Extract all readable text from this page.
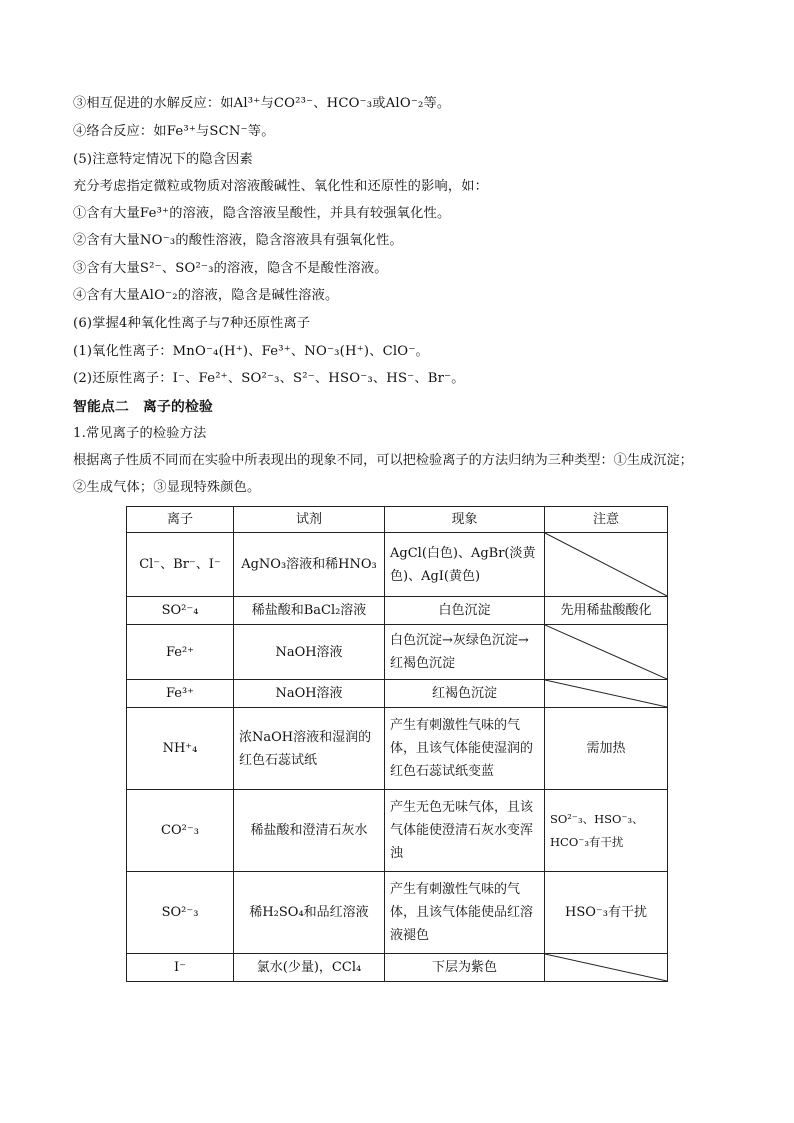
③相互促进的水解反应：如Al³⁺与CO²³⁻、HCO⁻₃或AlO⁻₂等。
④络合反应：如Fe³⁺与SCN⁻等。
(5)注意特定情况下的隐含因素
充分考虑指定微粒或物质对溶液酸碱性、氧化性和还原性的影响，如：
①含有大量Fe³⁺的溶液，隐含溶液呈酸性，并具有较强氧化性。
②含有大量NO⁻₃的酸性溶液，隐含溶液具有强氧化性。
③含有大量S²⁻、SO²⁻₃的溶液，隐含不是酸性溶液。
④含有大量AlO⁻₂的溶液，隐含是碱性溶液。
(6)掌握4种氧化性离子与7种还原性离子
(1)氧化性离子：MnO⁻₄(H⁺)、Fe³⁺、NO⁻₃(H⁺)、ClO⁻。
(2)还原性离子：I⁻、Fe²⁺、SO²⁻₃、S²⁻、HSO⁻₃、HS⁻、Br⁻。
智能点二　离子的检验
1.常见离子的检验方法
根据离子性质不同而在实验中所表现出的现象不同，可以把检验离子的方法归纳为三种类型：①生成沉淀；
②生成气体；③显现特殊颜色。
离子	试剂	现象	注意
Cl⁻、Br⁻、I⁻	AgNO₃溶液和稀HNO₃	AgCl(白色)、AgBr(淡黄色)、AgI(黄色)	

SO²⁻₄	稀盐酸和BaCl₂溶液	白色沉淀	先用稀盐酸酸化
Fe²⁺	NaOH溶液	白色沉淀→灰绿色沉淀→红褐色沉淀	

Fe³⁺	NaOH溶液	红褐色沉淀	

NH⁺₄	浓NaOH溶液和湿润的红色石蕊试纸	产生有刺激性气味的气体，且该气体能使湿润的红色石蕊试纸变蓝	需加热
CO²⁻₃	稀盐酸和澄清石灰水	产生无色无味气体，且该气体能使澄清石灰水变浑浊	SO²⁻₃、HSO⁻₃、HCO⁻₃有干扰
SO²⁻₃	稀H₂SO₄和品红溶液	产生有刺激性气味的气体，且该气体能使品红溶液褪色	HSO⁻₃有干扰
I⁻	氯水(少量)，CCl₄	下层为紫色	
